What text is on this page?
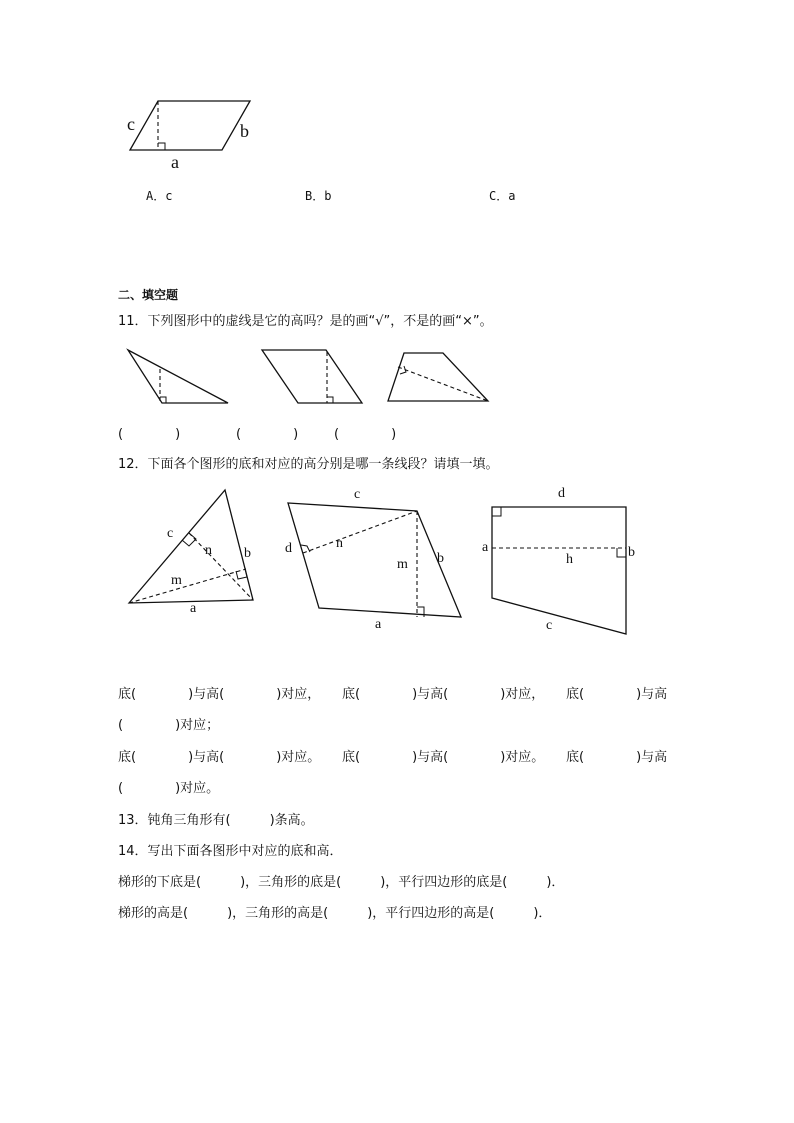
c	b
a
A．c	B．b	C．a
二、填空题
11．下列图形中的虚线是它的高吗？是的画“√”，不是的画“×”。
(　　　　)	(　　　　)	(　　　　)
12．下面各个图形的底和对应的高分别是哪一条线段？请填一填。
c
n b
m
a
c
d	n
m b
a
d
a
h	b
c
底(　　　　)与高(　　　　)对应， 底(　　　　)与高(　　　　)对应， 底(　　　　)与高
(　　　　)对应；
底(　　　　)与高(　　　　)对应。 底(　　　　)与高(　　　　)对应。 底(　　　　)与高
(　　　　)对应。
13．钝角三角形有(　　　)条高。
14．写出下面各图形中对应的底和高．
梯形的下底是(　　　)，三角形的底是(　　　)，平行四边形的底是(　　　)．
梯形的高是(　　　)，三角形的高是(　　　)，平行四边形的高是(　　　)．
